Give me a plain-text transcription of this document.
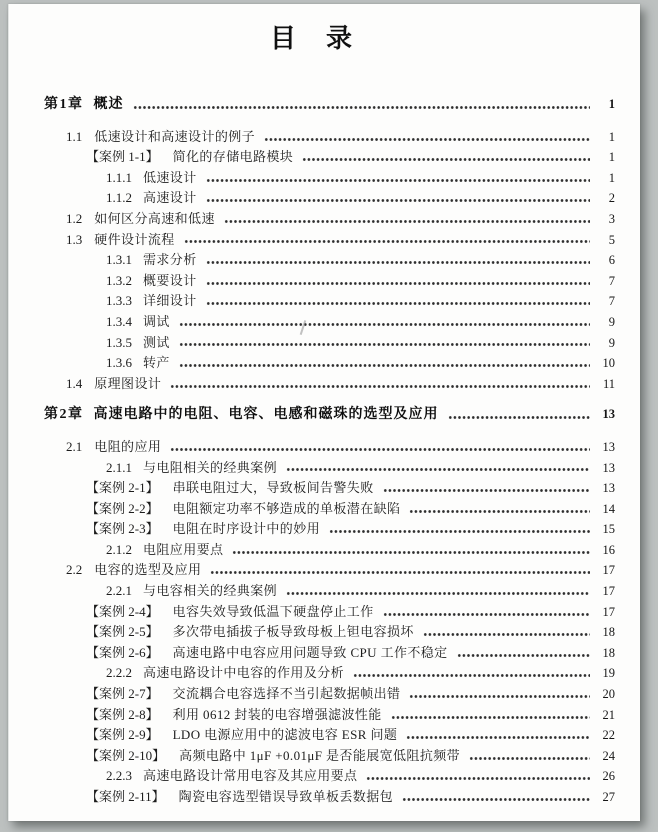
目　录
第1章 概述	1
1.1 低速设计和高速设计的例子	1
【案例 1-1】 简化的存储电路模块	1
1.1.1 低速设计	1
1.1.2 高速设计	2
1.2 如何区分高速和低速	3
1.3 硬件设计流程	5
1.3.1 需求分析	6
1.3.2 概要设计	7
1.3.3 详细设计	7
1.3.4 调试	9
1.3.5 测试	9
1.3.6 转产	10
1.4 原理图设计	11
第2章 高速电路中的电阻、电容、电感和磁珠的选型及应用	13
2.1 电阻的应用	13
2.1.1 与电阻相关的经典案例	13
【案例 2-1】 串联电阻过大，导致板间告警失败	13
【案例 2-2】 电阻额定功率不够造成的单板潜在缺陷	14
【案例 2-3】 电阻在时序设计中的妙用	15
2.1.2 电阻应用要点	16
2.2 电容的选型及应用	17
2.2.1 与电容相关的经典案例	17
【案例 2-4】 电容失效导致低温下硬盘停止工作	17
【案例 2-5】 多次带电插拔子板导致母板上钽电容损坏	18
【案例 2-6】 高速电路中电容应用问题导致 CPU 工作不稳定	18
2.2.2 高速电路设计中电容的作用及分析	19
【案例 2-7】 交流耦合电容选择不当引起数据帧出错	20
【案例 2-8】 利用 0612 封装的电容增强滤波性能	21
【案例 2-9】 LDO 电源应用中的滤波电容 ESR 问题	22
【案例 2-10】 高频电路中 1μF +0.01μF 是否能展宽低阻抗频带	24
2.2.3 高速电路设计常用电容及其应用要点	26
【案例 2-11】 陶瓷电容选型错误导致单板丢数据包	27
